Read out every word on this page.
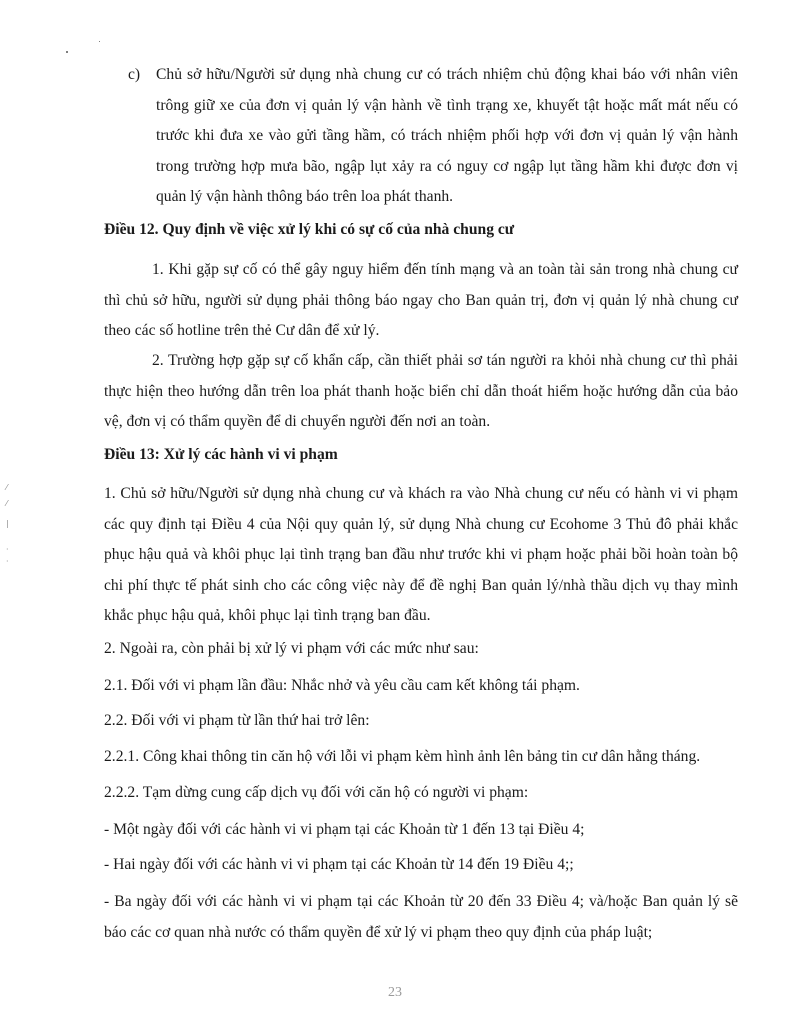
⁄
⁄
|
·
·
c) Chủ sở hữu/Người sử dụng nhà chung cư có trách nhiệm chủ động khai báo với nhân viên trông giữ xe của đơn vị quản lý vận hành về tình trạng xe, khuyết tật hoặc mất mát nếu có trước khi đưa xe vào gửi tầng hầm, có trách nhiệm phối hợp với đơn vị quản lý vận hành trong trường hợp mưa bão, ngập lụt xảy ra có nguy cơ ngập lụt tầng hầm khi được đơn vị quản lý vận hành thông báo trên loa phát thanh.

Điều 12. Quy định về việc xử lý khi có sự cố của nhà chung cư

1. Khi gặp sự cố có thể gây nguy hiểm đến tính mạng và an toàn tài sản trong nhà chung cư thì chủ sở hữu, người sử dụng phải thông báo ngay cho Ban quản trị, đơn vị quản lý nhà chung cư theo các số hotline trên thẻ Cư dân để xử lý.

2. Trường hợp gặp sự cố khẩn cấp, cần thiết phải sơ tán người ra khỏi nhà chung cư thì phải thực hiện theo hướng dẫn trên loa phát thanh hoặc biển chỉ dẫn thoát hiểm hoặc hướng dẫn của bảo vệ, đơn vị có thẩm quyền để di chuyển người đến nơi an toàn.

Điều 13: Xử lý các hành vi vi phạm

1. Chủ sở hữu/Người sử dụng nhà chung cư và khách ra vào Nhà chung cư nếu có hành vi vi phạm các quy định tại Điều 4 của Nội quy quản lý, sử dụng Nhà chung cư Ecohome 3 Thủ đô phải khắc phục hậu quả và khôi phục lại tình trạng ban đầu như trước khi vi phạm hoặc phải bồi hoàn toàn bộ chi phí thực tế phát sinh cho các công việc này để đề nghị Ban quản lý/nhà thầu dịch vụ thay mình khắc phục hậu quả, khôi phục lại tình trạng ban đầu.

2. Ngoài ra, còn phải bị xử lý vi phạm với các mức như sau:

2.1. Đối với vi phạm lần đầu: Nhắc nhở và yêu cầu cam kết không tái phạm.

2.2. Đối với vi phạm từ lần thứ hai trở lên:

2.2.1. Công khai thông tin căn hộ với lỗi vi phạm kèm hình ảnh lên bảng tin cư dân hằng tháng.

2.2.2. Tạm dừng cung cấp dịch vụ đối với căn hộ có người vi phạm:

- Một ngày đối với các hành vi vi phạm tại các Khoản từ 1 đến 13 tại Điều 4;

- Hai ngày đối với các hành vi vi phạm tại các Khoản từ 14 đến 19 Điều 4;;

- Ba ngày đối với các hành vi vi phạm tại các Khoản từ 20 đến 33 Điều 4; và/hoặc Ban quản lý sẽ báo các cơ quan nhà nước có thẩm quyền để xử lý vi phạm theo quy định của pháp luật;

23
